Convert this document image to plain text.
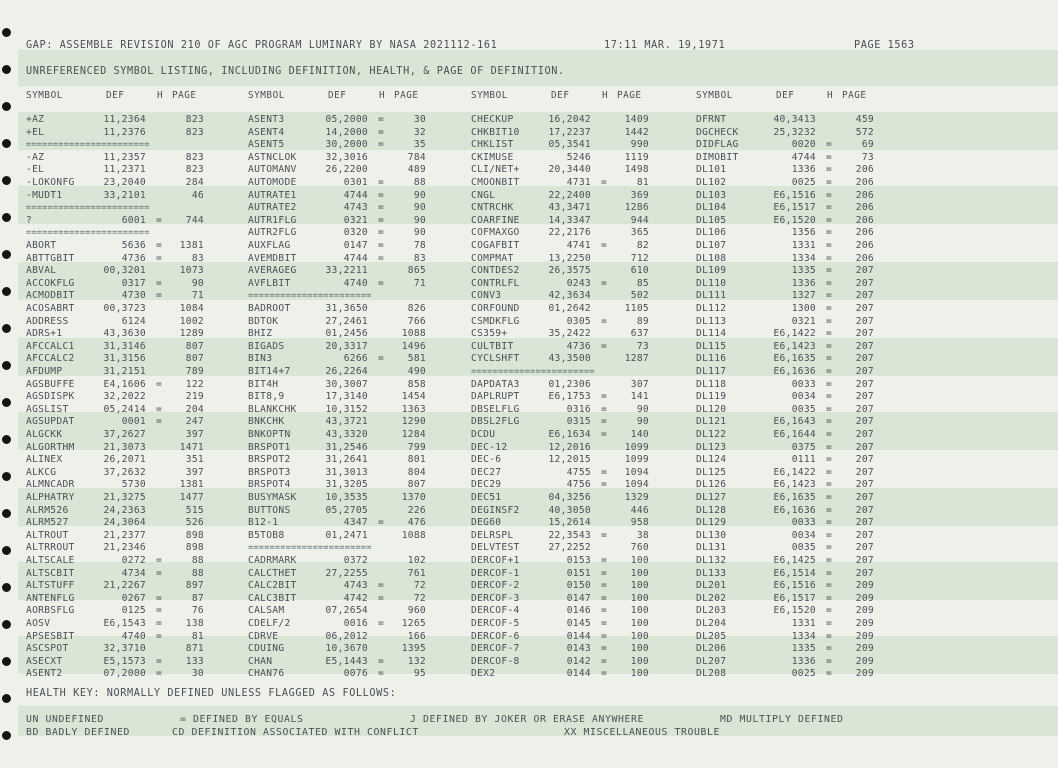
GAP: ASSEMBLE REVISION 210 OF AGC PROGRAM LUMINARY BY NASA 2021112-161	17:11 MAR. 19,1971	PAGE 1563
UNREFERENCED SYMBOL LISTING, INCLUDING DEFINITION, HEALTH, & PAGE OF DEFINITION.
SYMBOL	DEF	H PAGE
+AZ	11,2364	823
+EL	11,2376	823
=======================
-AZ	11,2357	823
-EL	11,2371	823
-LOKONFG	23,2040	284
-MUDT1	33,2101	46
=======================
?	6001 =	744
=======================
ABORT	5636 =	1381
ABTTGBIT	4736 =	83
ABVAL	00,3201	1073
ACCOKFLG	0317 =	90
ACMODBIT	4730 =	71
ACOSABRT	00,3723	1084
ADDRESS	6124	1002
ADRS+1	43,3630	1289
AFCCALC1	31,3146	807
AFCCALC2	31,3156	807
AFDUMP	31,2151	789
AGSBUFFE	E4,1606 =	122
AGSDISPK	32,2022	219
AGSLIST	05,2414 =	204
AGSUPDAT	0001 =	247
ALGCKK	37,2627	397
ALGORTHM	21,3073	1471
ALINEX	26,2071	351
ALKCG	37,2632	397
ALMNCADR	5730	1381
ALPHATRY	21,3275	1477
ALRM526	24,2363	515
ALRM527	24,3064	526
ALTROUT	21,2377	898
ALTRROUT	21,2346	898
ALTSCALE	0272 =	88
ALTSCBIT	4734 =	88
ALTSTUFF	21,2267	897
ANTENFLG	0267 =	87
AORBSFLG	0125 =	76
AOSV	E6,1543 =	138
APSESBIT	4740 =	81
ASCSPOT	32,3710	871
ASECXT	E5,1573 =	133
ASENT2	07,2000 =	30
SYMBOL	DEF	H PAGE
ASENT3	05,2000 =	30
ASENT4	14,2000 =	32
ASENT5	30,2000 =	35
ASTNCLOK	32,3016	784
AUTOMANV	26,2200	489
AUTOMODE	0301 =	88
AUTRATE1	4744 =	90
AUTRATE2	4743 =	90
AUTR1FLG	0321 =	90
AUTR2FLG	0320 =	90
AUXFLAG	0147 =	78
AVEMDBIT	4744 =	83
AVERAGEG	33,2211	865
AVFLBIT	4740 =	71
=======================
BADROOT	31,3650	826
BDTOK	27,2461	766
BHIZ	01,2456	1088
BIGADS	20,3317	1496
BIN3	6266 =	581
BIT14+7	26,2264	490
BIT4H	30,3007	858
BIT8,9	17,3140	1454
BLANKCHK	10,3152	1363
BNKCHK	43,3721	1290
BNKOPTN	43,3320	1284
BRSPOT1	31,2546	799
BRSPOT2	31,2641	801
BRSPOT3	31,3013	804
BRSPOT4	31,3205	807
BUSYMASK	10,3535	1370
BUTTONS	05,2705	226
B12-1	4347 =	476
B5TOB8	01,2471	1088
=======================
CADRMARK	0372	102
CALCTHET	27,2255	761
CALC2BIT	4743 =	72
CALC3BIT	4742 =	72
CALSAM	07,2654	960
CDELF/2	0016 =	1265
CDRVE	06,2012	166
CDUING	10,3670	1395
CHAN	E5,1443 =	132
CHAN76	0076 =	95
SYMBOL	DEF	H PAGE
CHECKUP	16,2042	1409
CHKBIT10	17,2237	1442
CHKLIST	05,3541	990
CKIMUSE	5246	1119
CLI/NET+	20,3440	1498
CMOONBIT	4731 =	81
CNGL	22,2400	369
CNTRCHK	43,3471	1286
COARFINE	14,3347	944
COFMAXGO	22,2176	365
COGAFBIT	4741 =	82
COMPMAT	13,2250	712
CONTDES2	26,3575	610
CONTRLFL	0243 =	85
CONV3	42,3634	502
CORFOUND	01,2642	1105
CSMDKFLG	0305 =	89
CS359+	35,2422	637
CULTBIT	4736 =	73
CYCLSHFT	43,3500	1287
=======================
DAPDATA3	01,2306	307
DAPLRUPT	E6,1753 =	141
DBSELFLG	0316 =	90
DBSL2FLG	0315 =	90
DCDU	E6,1634 =	140
DEC-12	12,2016	1099
DEC-6	12,2015	1099
DEC27	4755 =	1094
DEC29	4756 =	1094
DEC51	04,3256	1329
DEGINSF2	40,3050	446
DEG60	15,2614	958
DELRSPL	22,3543 =	38
DELVTEST	27,2252	760
DERCOF+1	0153 =	100
DERCOF-1	0151 =	100
DERCOF-2	0150 =	100
DERCOF-3	0147 =	100
DERCOF-4	0146 =	100
DERCOF-5	0145 =	100
DERCOF-6	0144 =	100
DERCOF-7	0143 =	100
DERCOF-8	0142 =	100
DEX2	0144 =	100
SYMBOL	DEF	H PAGE
DFRNT	40,3413	459
DGCHECK	25,3232	572
DIDFLAG	0020 =	69
DIMOBIT	4744 =	73
DL101	1336 =	206
DL102	0025 =	206
DL103	E6,1516 =	206
DL104	E6,1517 =	206
DL105	E6,1520 =	206
DL106	1356 =	206
DL107	1331 =	206
DL108	1334 =	206
DL109	1335 =	207
DL110	1336 =	207
DL111	1327 =	207
DL112	1300 =	207
DL113	0321 =	207
DL114	E6,1422 =	207
DL115	E6,1423 =	207
DL116	E6,1635 =	207
DL117	E6,1636 =	207
DL118	0033 =	207
DL119	0034 =	207
DL120	0035 =	207
DL121	E6,1643 =	207
DL122	E6,1644 =	207
DL123	0375 =	207
DL124	0111 =	207
DL125	E6,1422 =	207
DL126	E6,1423 =	207
DL127	E6,1635 =	207
DL128	E6,1636 =	207
DL129	0033 =	207
DL130	0034 =	207
DL131	0035 =	207
DL132	E6,1425 =	207
DL133	E6,1514 =	207
DL201	E6,1516 =	209
DL202	E6,1517 =	209
DL203	E6,1520 =	209
DL204	1331 =	209
DL205	1334 =	209
DL206	1335 =	209
DL207	1336 =	209
DL208	0025 =	209
HEALTH KEY: NORMALLY DEFINED UNLESS FLAGGED AS FOLLOWS:
UN UNDEFINED	= DEFINED BY EQUALS	J DEFINED BY JOKER OR ERASE ANYWHERE	MD MULTIPLY DEFINED
BD BADLY DEFINED	CD DEFINITION ASSOCIATED WITH CONFLICT	XX MISCELLANEOUS TROUBLE
